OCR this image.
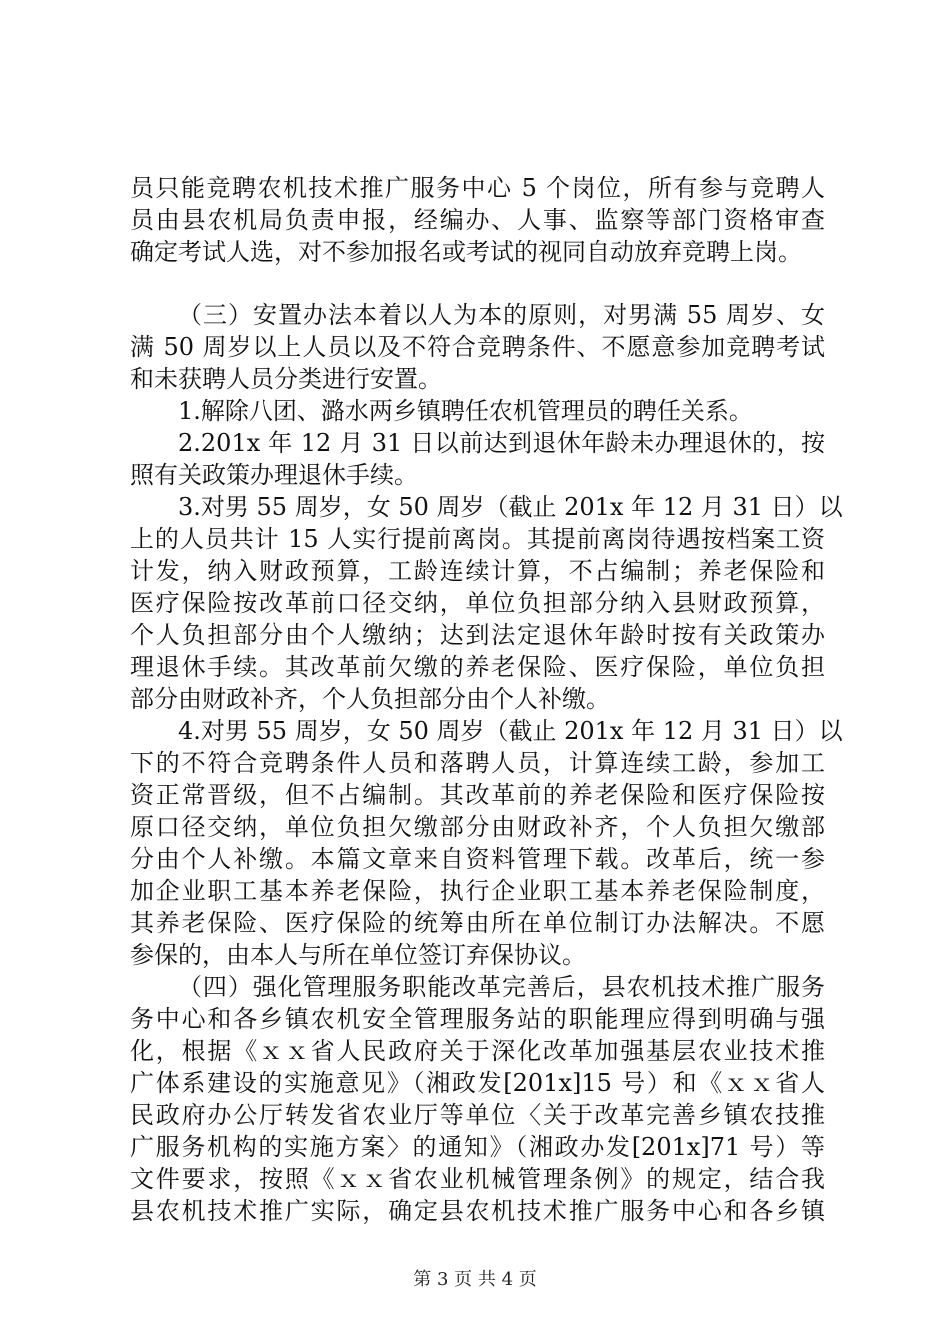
员只能竞聘农机技术推广服务中心 5 个岗位，所有参与竞聘人
员由县农机局负责申报，经编办、人事、监察等部门资格审查
确定考试人选，对不参加报名或考试的视同自动放弃竞聘上岗。
（三）安置办法本着以人为本的原则，对男满 55 周岁、女
满 50 周岁以上人员以及不符合竞聘条件、不愿意参加竞聘考试
和未获聘人员分类进行安置。
1.解除八团、潞水两乡镇聘任农机管理员的聘任关系。
2.201x 年 12 月 31 日以前达到退休年龄未办理退休的，按
照有关政策办理退休手续。
3.对男 55 周岁，女 50 周岁（截止 201x 年 12 月 31 日）以
上的人员共计 15 人实行提前离岗。其提前离岗待遇按档案工资
计发，纳入财政预算，工龄连续计算，不占编制；养老保险和
医疗保险按改革前口径交纳，单位负担部分纳入县财政预算，
个人负担部分由个人缴纳；达到法定退休年龄时按有关政策办
理退休手续。其改革前欠缴的养老保险、医疗保险，单位负担
部分由财政补齐，个人负担部分由个人补缴。
4.对男 55 周岁，女 50 周岁（截止 201x 年 12 月 31 日）以
下的不符合竞聘条件人员和落聘人员，计算连续工龄，参加工
资正常晋级，但不占编制。其改革前的养老保险和医疗保险按
原口径交纳，单位负担欠缴部分由财政补齐，个人负担欠缴部
分由个人补缴。本篇文章来自资料管理下载。改革后，统一参
加企业职工基本养老保险，执行企业职工基本养老保险制度，
其养老保险、医疗保险的统筹由所在单位制订办法解决。不愿
参保的，由本人与所在单位签订弃保协议。
（四）强化管理服务职能改革完善后，县农机技术推广服务
务中心和各乡镇农机安全管理服务站的职能理应得到明确与强
化，根据《ｘｘ省人民政府关于深化改革加强基层农业技术推
广体系建设的实施意见》（湘政发[201x]15 号）和《ｘｘ省人
民政府办公厅转发省农业厅等单位〈关于改革完善乡镇农技推
广服务机构的实施方案〉的通知》（湘政办发[201x]71 号）等
文件要求，按照《ｘｘ省农业机械管理条例》的规定，结合我
县农机技术推广实际，确定县农机技术推广服务中心和各乡镇
第 3 页 共 4 页
